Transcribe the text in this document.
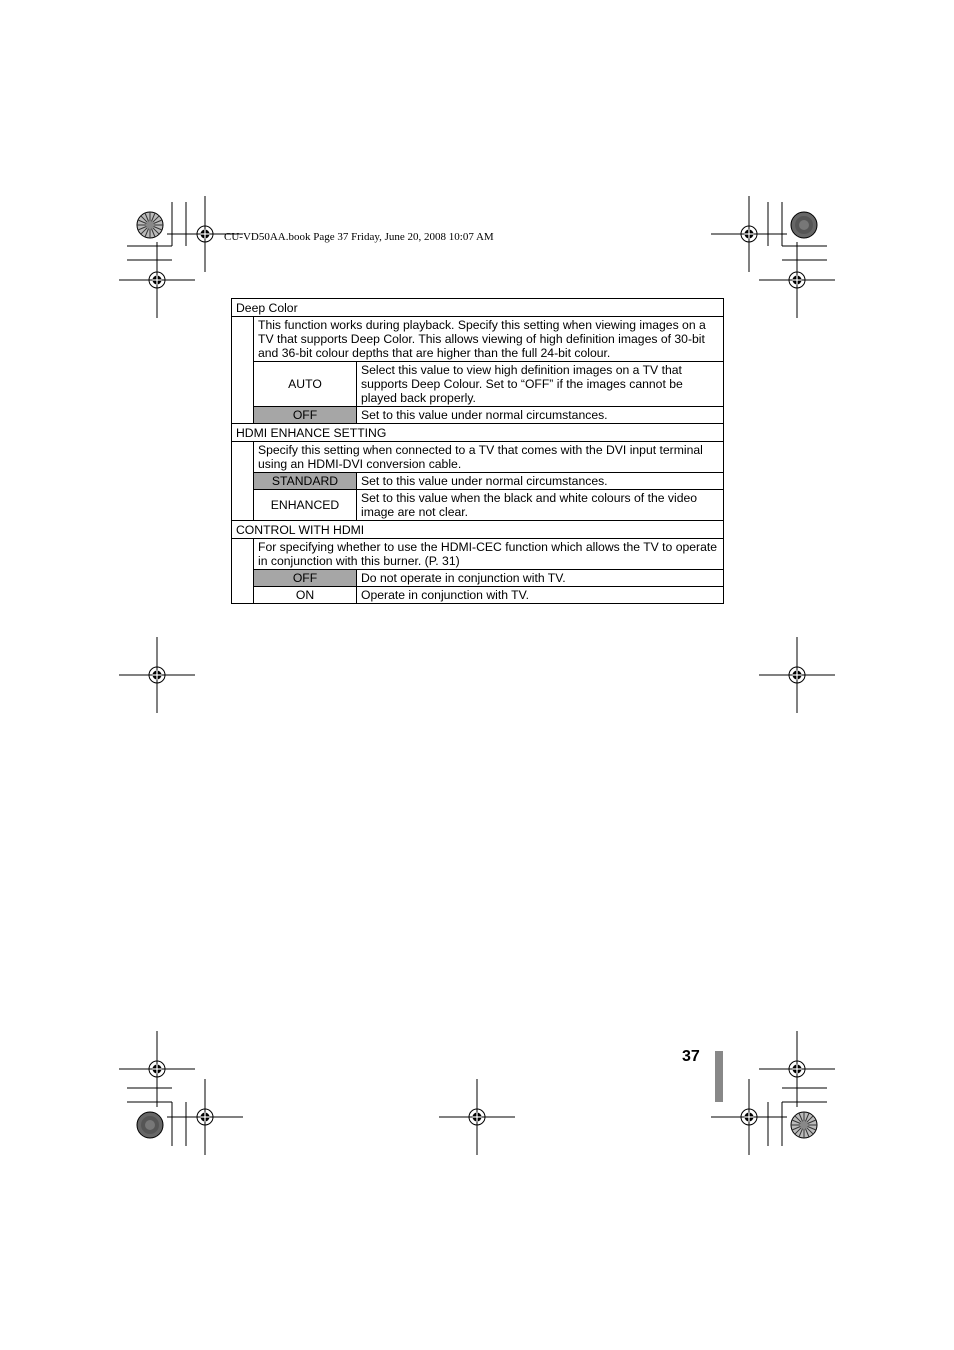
CU-VD50AA.book Page 37 Friday, June 20, 2008 10:07 AM
Deep Color		
	This function works during playback. Specify this setting when viewing images on a TV that supports Deep Color. This allows viewing of high definition images of 30-bit and 36-bit colour depths that are higher than the full 24-bit colour.	
	AUTO	Select this value to view high definition images on a TV that supports Deep Colour. Set to “OFF” if the images cannot be played back properly.
	OFF	Set to this value under normal circumstances.
HDMI ENHANCE SETTING		
	Specify this setting when connected to a TV that comes with the DVI input terminal using an HDMI-DVI conversion cable.	
	STANDARD	Set to this value under normal circumstances.
	ENHANCED	Set to this value when the black and white colours of the video image are not clear.
CONTROL WITH HDMI		
	For specifying whether to use the HDMI-CEC function which allows the TV to operate in conjunction with this burner. (P. 31)	
	OFF	Do not operate in conjunction with TV.
	ON	Operate in conjunction with TV.
37
